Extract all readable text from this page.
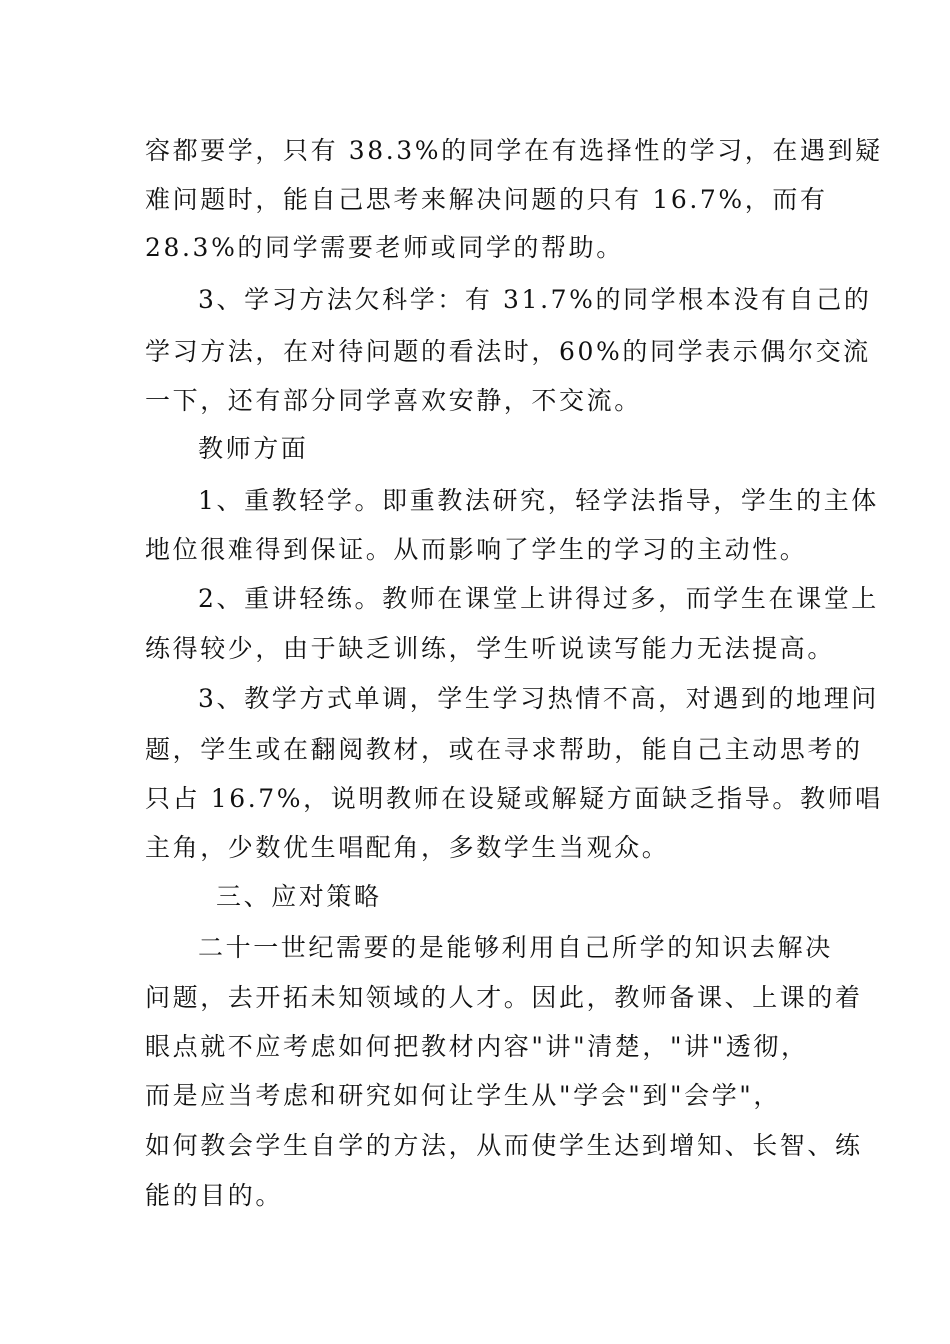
容都要学，只有 38.3%的同学在有选择性的学习，在遇到疑
难问题时，能自己思考来解决问题的只有 16.7%，而有
28.3%的同学需要老师或同学的帮助。
3、学习方法欠科学：有 31.7%的同学根本没有自己的
学习方法，在对待问题的看法时，60%的同学表示偶尔交流
一下，还有部分同学喜欢安静，不交流。
教师方面
1、重教轻学。即重教法研究，轻学法指导，学生的主体
地位很难得到保证。从而影响了学生的学习的主动性。
2、重讲轻练。教师在课堂上讲得过多，而学生在课堂上
练得较少，由于缺乏训练，学生听说读写能力无法提高。
3、教学方式单调，学生学习热情不高，对遇到的地理问
题，学生或在翻阅教材，或在寻求帮助，能自己主动思考的
只占 16.7%，说明教师在设疑或解疑方面缺乏指导。教师唱
主角，少数优生唱配角，多数学生当观众。
三、应对策略
二十一世纪需要的是能够利用自己所学的知识去解决
问题，去开拓未知领域的人才。因此，教师备课、上课的着
眼点就不应考虑如何把教材内容"讲"清楚，"讲"透彻，
而是应当考虑和研究如何让学生从"学会"到"会学"，
如何教会学生自学的方法，从而使学生达到增知、长智、练
能的目的。
